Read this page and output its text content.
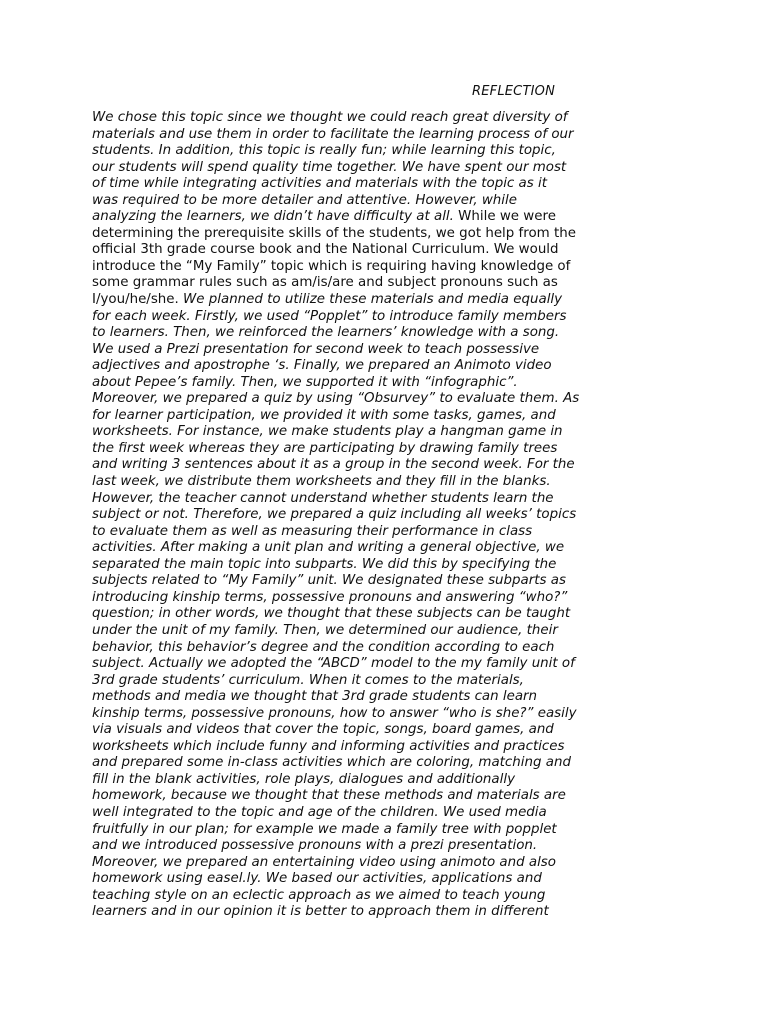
REFLECTION
We chose this topic since we thought we could reach great diversity of
materials and use them in order to facilitate the learning process of our
students. In addition, this topic is really fun; while learning this topic,
our students will spend quality time together. We have spent our most
of time while integrating activities and materials with the topic as it
was required to be more detailer and attentive. However, while
analyzing the learners, we didn’t have difficulty at all. While we were
determining the prerequisite skills of the students, we got help from the
official 3th grade course book and the National Curriculum. We would
introduce the “My Family” topic which is requiring having knowledge of
some grammar rules such as am/is/are and subject pronouns such as
I/you/he/she. We planned to utilize these materials and media equally
for each week. Firstly, we used “Popplet” to introduce family members
to learners. Then, we reinforced the learners’ knowledge with a song.
We used a Prezi presentation for second week to teach possessive
adjectives and apostrophe ‘s. Finally, we prepared an Animoto video
about Pepee’s family. Then, we supported it with “infographic”.
Moreover, we prepared a quiz by using “Obsurvey” to evaluate them. As
for learner participation, we provided it with some tasks, games, and
worksheets. For instance, we make students play a hangman game in
the first week whereas they are participating by drawing family trees
and writing 3 sentences about it as a group in the second week. For the
last week, we distribute them worksheets and they fill in the blanks.
However, the teacher cannot understand whether students learn the
subject or not. Therefore, we prepared a quiz including all weeks’ topics
to evaluate them as well as measuring their performance in class
activities. After making a unit plan and writing a general objective, we
separated the main topic into subparts. We did this by specifying the
subjects related to “My Family” unit. We designated these subparts as
introducing kinship terms, possessive pronouns and answering “who?”
question; in other words, we thought that these subjects can be taught
under the unit of my family. Then, we determined our audience, their
behavior, this behavior’s degree and the condition according to each
subject. Actually we adopted the “ABCD” model to the my family unit of
3rd grade students’ curriculum. When it comes to the materials,
methods and media we thought that 3rd grade students can learn
kinship terms, possessive pronouns, how to answer “who is she?” easily
via visuals and videos that cover the topic, songs, board games, and
worksheets which include funny and informing activities and practices
and prepared some in-class activities which are coloring, matching and
fill in the blank activities, role plays, dialogues and additionally
homework, because we thought that these methods and materials are
well integrated to the topic and age of the children. We used media
fruitfully in our plan; for example we made a family tree with popplet
and we introduced possessive pronouns with a prezi presentation.
Moreover, we prepared an entertaining video using animoto and also
homework using easel.ly. We based our activities, applications and
teaching style on an eclectic approach as we aimed to teach young
learners and in our opinion it is better to approach them in different
